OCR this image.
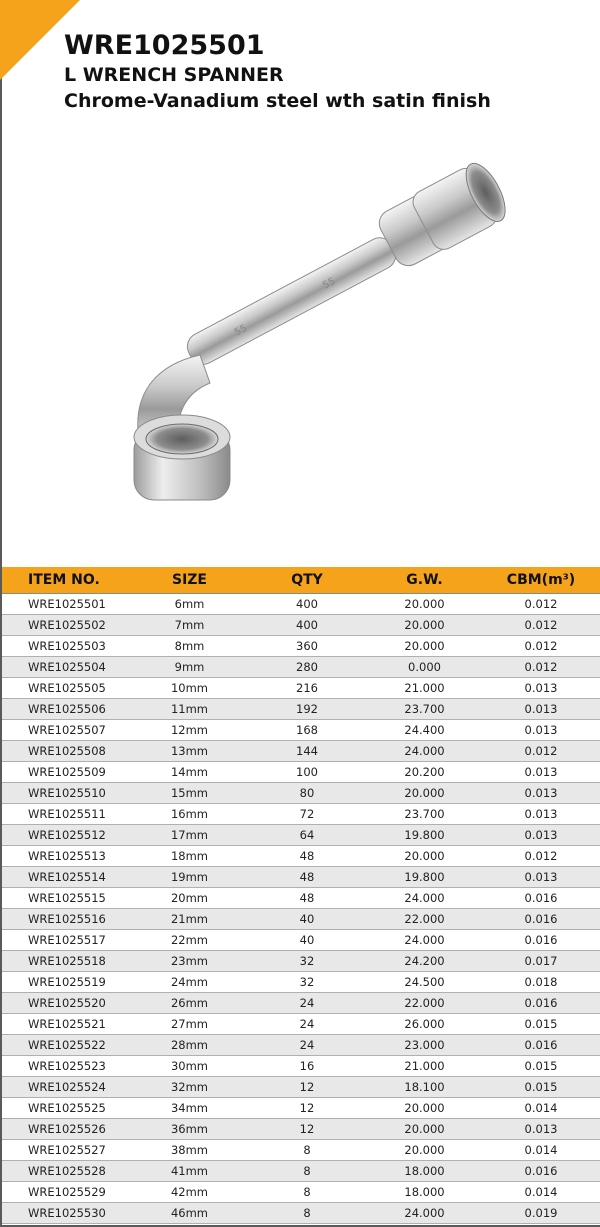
WRE1025501
L WRENCH SPANNER
Chrome-Vanadium steel wth satin finish
55
55
ITEM NO.	SIZE	QTY	G.W.	CBM(m³)
WRE1025501	6mm	400	20.000	0.012
WRE1025502	7mm	400	20.000	0.012
WRE1025503	8mm	360	20.000	0.012
WRE1025504	9mm	280	0.000	0.012
WRE1025505	10mm	216	21.000	0.013
WRE1025506	11mm	192	23.700	0.013
WRE1025507	12mm	168	24.400	0.013
WRE1025508	13mm	144	24.000	0.012
WRE1025509	14mm	100	20.200	0.013
WRE1025510	15mm	80	20.000	0.013
WRE1025511	16mm	72	23.700	0.013
WRE1025512	17mm	64	19.800	0.013
WRE1025513	18mm	48	20.000	0.012
WRE1025514	19mm	48	19.800	0.013
WRE1025515	20mm	48	24.000	0.016
WRE1025516	21mm	40	22.000	0.016
WRE1025517	22mm	40	24.000	0.016
WRE1025518	23mm	32	24.200	0.017
WRE1025519	24mm	32	24.500	0.018
WRE1025520	26mm	24	22.000	0.016
WRE1025521	27mm	24	26.000	0.015
WRE1025522	28mm	24	23.000	0.016
WRE1025523	30mm	16	21.000	0.015
WRE1025524	32mm	12	18.100	0.015
WRE1025525	34mm	12	20.000	0.014
WRE1025526	36mm	12	20.000	0.013
WRE1025527	38mm	8	20.000	0.014
WRE1025528	41mm	8	18.000	0.016
WRE1025529	42mm	8	18.000	0.014
WRE1025530	46mm	8	24.000	0.019
